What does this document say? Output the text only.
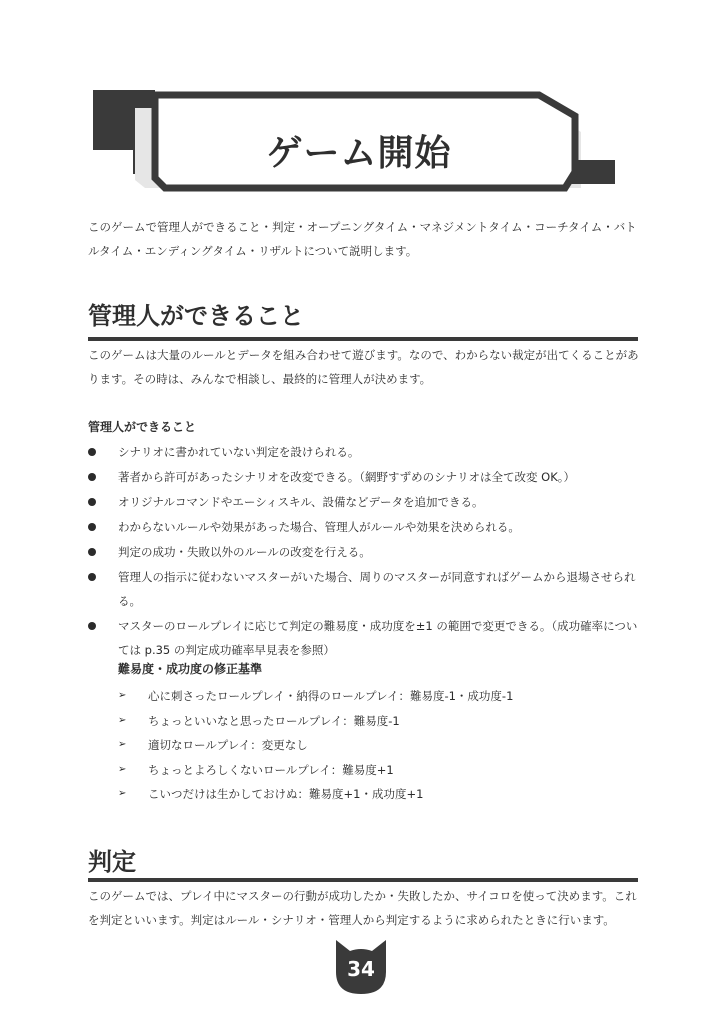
ゲーム開始

このゲームで管理人ができること・判定・オープニングタイム・マネジメントタイム・コーチタイム・バトルタイム・エンディングタイム・リザルトについて説明します。

管理人ができること

このゲームは大量のルールとデータを組み合わせて遊びます。なので、わからない裁定が出てくることがあります。その時は、みんなで相談し、最終的に管理人が決めます。

管理人ができること
シナリオに書かれていない判定を設けられる。
著者から許可があったシナリオを改変できる。（網野すずめのシナリオは全て改変 OK。）
オリジナルコマンドやエーシィスキル、設備などデータを追加できる。
わからないルールや効果があった場合、管理人がルールや効果を決められる。
判定の成功・失敗以外のルールの改変を行える。
管理人の指示に従わないマスターがいた場合、周りのマスターが同意すればゲームから退場させられる。
マスターのロールプレイに応じて判定の難易度・成功度を±1 の範囲で変更できる。（成功確率については p.35 の判定成功確率早見表を参照）
難易度・成功度の修正基準
➢ 心に刺さったロールプレイ・納得のロールプレイ：難易度-1・成功度-1
➢ ちょっといいなと思ったロールプレイ：難易度-1
➢ 適切なロールプレイ：変更なし
➢ ちょっとよろしくないロールプレイ：難易度+1
➢ こいつだけは生かしておけぬ：難易度+1・成功度+1
判定

このゲームでは、プレイ中にマスターの行動が成功したか・失敗したか、サイコロを使って決めます。これを判定といいます。判定はルール・シナリオ・管理人から判定するように求められたときに行います。

34
